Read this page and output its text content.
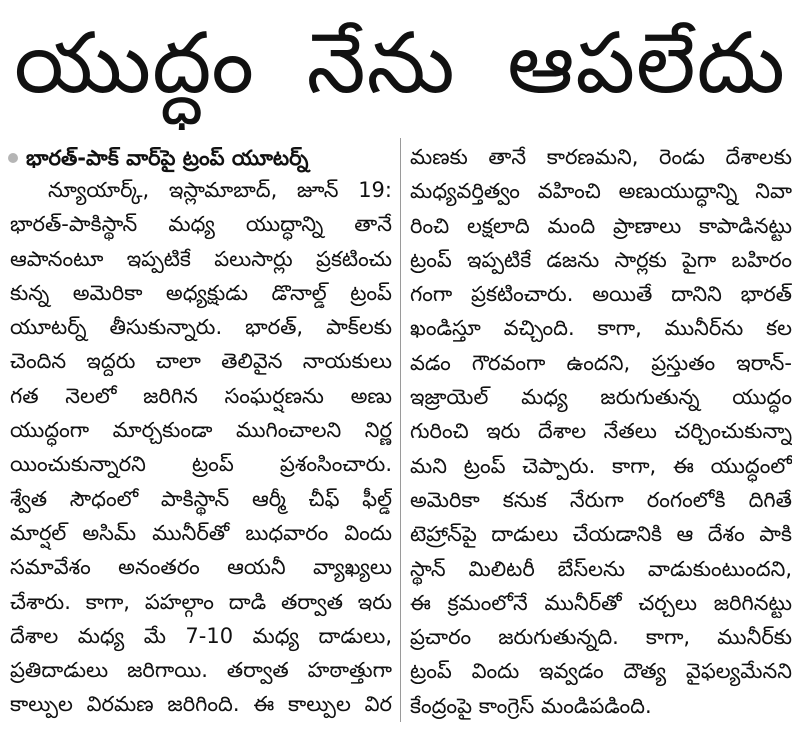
యుద్ధం నేను ఆపలేదు
భారత్-పాక్ వార్‌పై ట్రంప్ యూటర్న్
న్యూయార్క్, ఇస్లామాబాద్, జూన్ 19:
భారత్-పాకిస్థాన్ మధ్య యుద్ధాన్ని తానే
ఆపానంటూ ఇప్పటికే పలుసార్లు ప్రకటించు
కున్న అమెరికా అధ్యక్షుడు డొనాల్డ్ ట్రంప్
యూటర్న్ తీసుకున్నారు. భారత్, పాక్‌లకు
చెందిన ఇద్దరు చాలా తెలివైన నాయకులు
గత నెలలో జరిగిన సంఘర్షణను అణు
యుద్ధంగా మార్చకుండా ముగించాలని నిర్ణ
యించుకున్నారని ట్రంప్ ప్రశంసించారు.
శ్వేత సౌధంలో పాకిస్థాన్ ఆర్మీ చీఫ్ ఫీల్డ్
మార్షల్ అసిమ్ మునీర్‌తో బుధవారం విందు
సమావేశం అనంతరం ఆయనీ వ్యాఖ్యలు
చేశారు. కాగా, పహల్గాం దాడి తర్వాత ఇరు
దేశాల మధ్య మే 7-10 మధ్య దాడులు,
ప్రతిదాడులు జరిగాయి. తర్వాత హఠాత్తుగా
కాల్పుల విరమణ జరిగింది. ఈ కాల్పుల విర
మణకు తానే కారణమని, రెండు దేశాలకు
మధ్యవర్తిత్వం వహించి అణుయుద్ధాన్ని నివా
రించి లక్షలాది మంది ప్రాణాలు కాపాడినట్టు
ట్రంప్ ఇప్పటికే డజను సార్లకు పైగా బహిరం
గంగా ప్రకటించారు. అయితే దానిని భారత్
ఖండిస్తూ వచ్చింది. కాగా, మునీర్‌ను కల
వడం గౌరవంగా ఉందని, ప్రస్తుతం ఇరాన్-
ఇజ్రాయెల్ మధ్య జరుగుతున్న యుద్ధం
గురించి ఇరు దేశాల నేతలు చర్చించుకున్నా
మని ట్రంప్ చెప్పారు. కాగా, ఈ యుద్ధంలో
అమెరికా కనుక నేరుగా రంగంలోకి దిగితే
టెహ్రాన్‌పై దాడులు చేయడానికి ఆ దేశం పాకి
స్థాన్ మిలిటరీ బేస్‌లను వాడుకుంటుందని,
ఈ క్రమంలోనే మునీర్‌తో చర్చలు జరిగినట్టు
ప్రచారం జరుగుతున్నది. కాగా, మునీర్‌కు
ట్రంప్ విందు ఇవ్వడం దౌత్య వైఫల్యమేనని
కేంద్రంపై కాంగ్రెస్ మండిపడింది.
